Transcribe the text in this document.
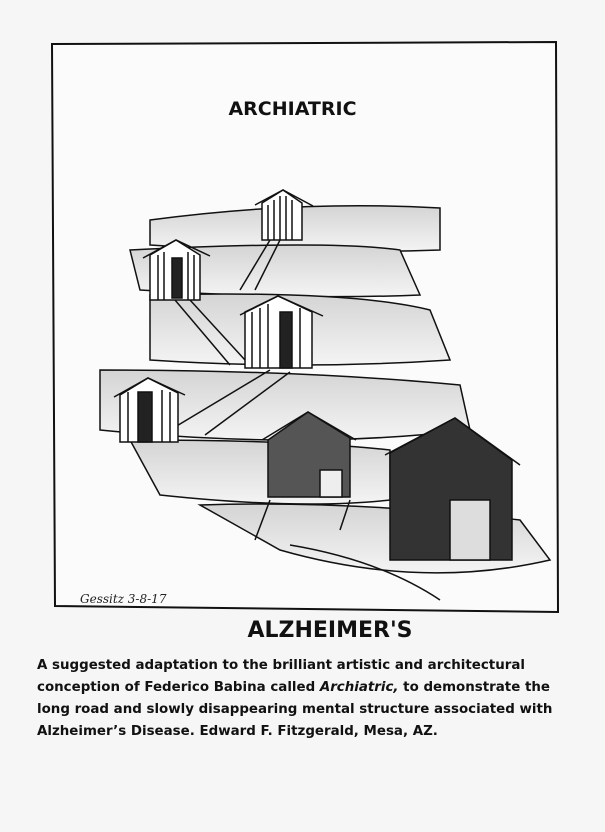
ARCHIATRIC
Gessitz 3-8-17
ALZHEIMER'S
A suggested adaptation to the brilliant artistic and architectural conception of Federico Babina called Archiatric, to demonstrate the long road and slowly disappearing mental structure associated with Alzheimer’s Disease. Edward F. Fitzgerald, Mesa, AZ.
